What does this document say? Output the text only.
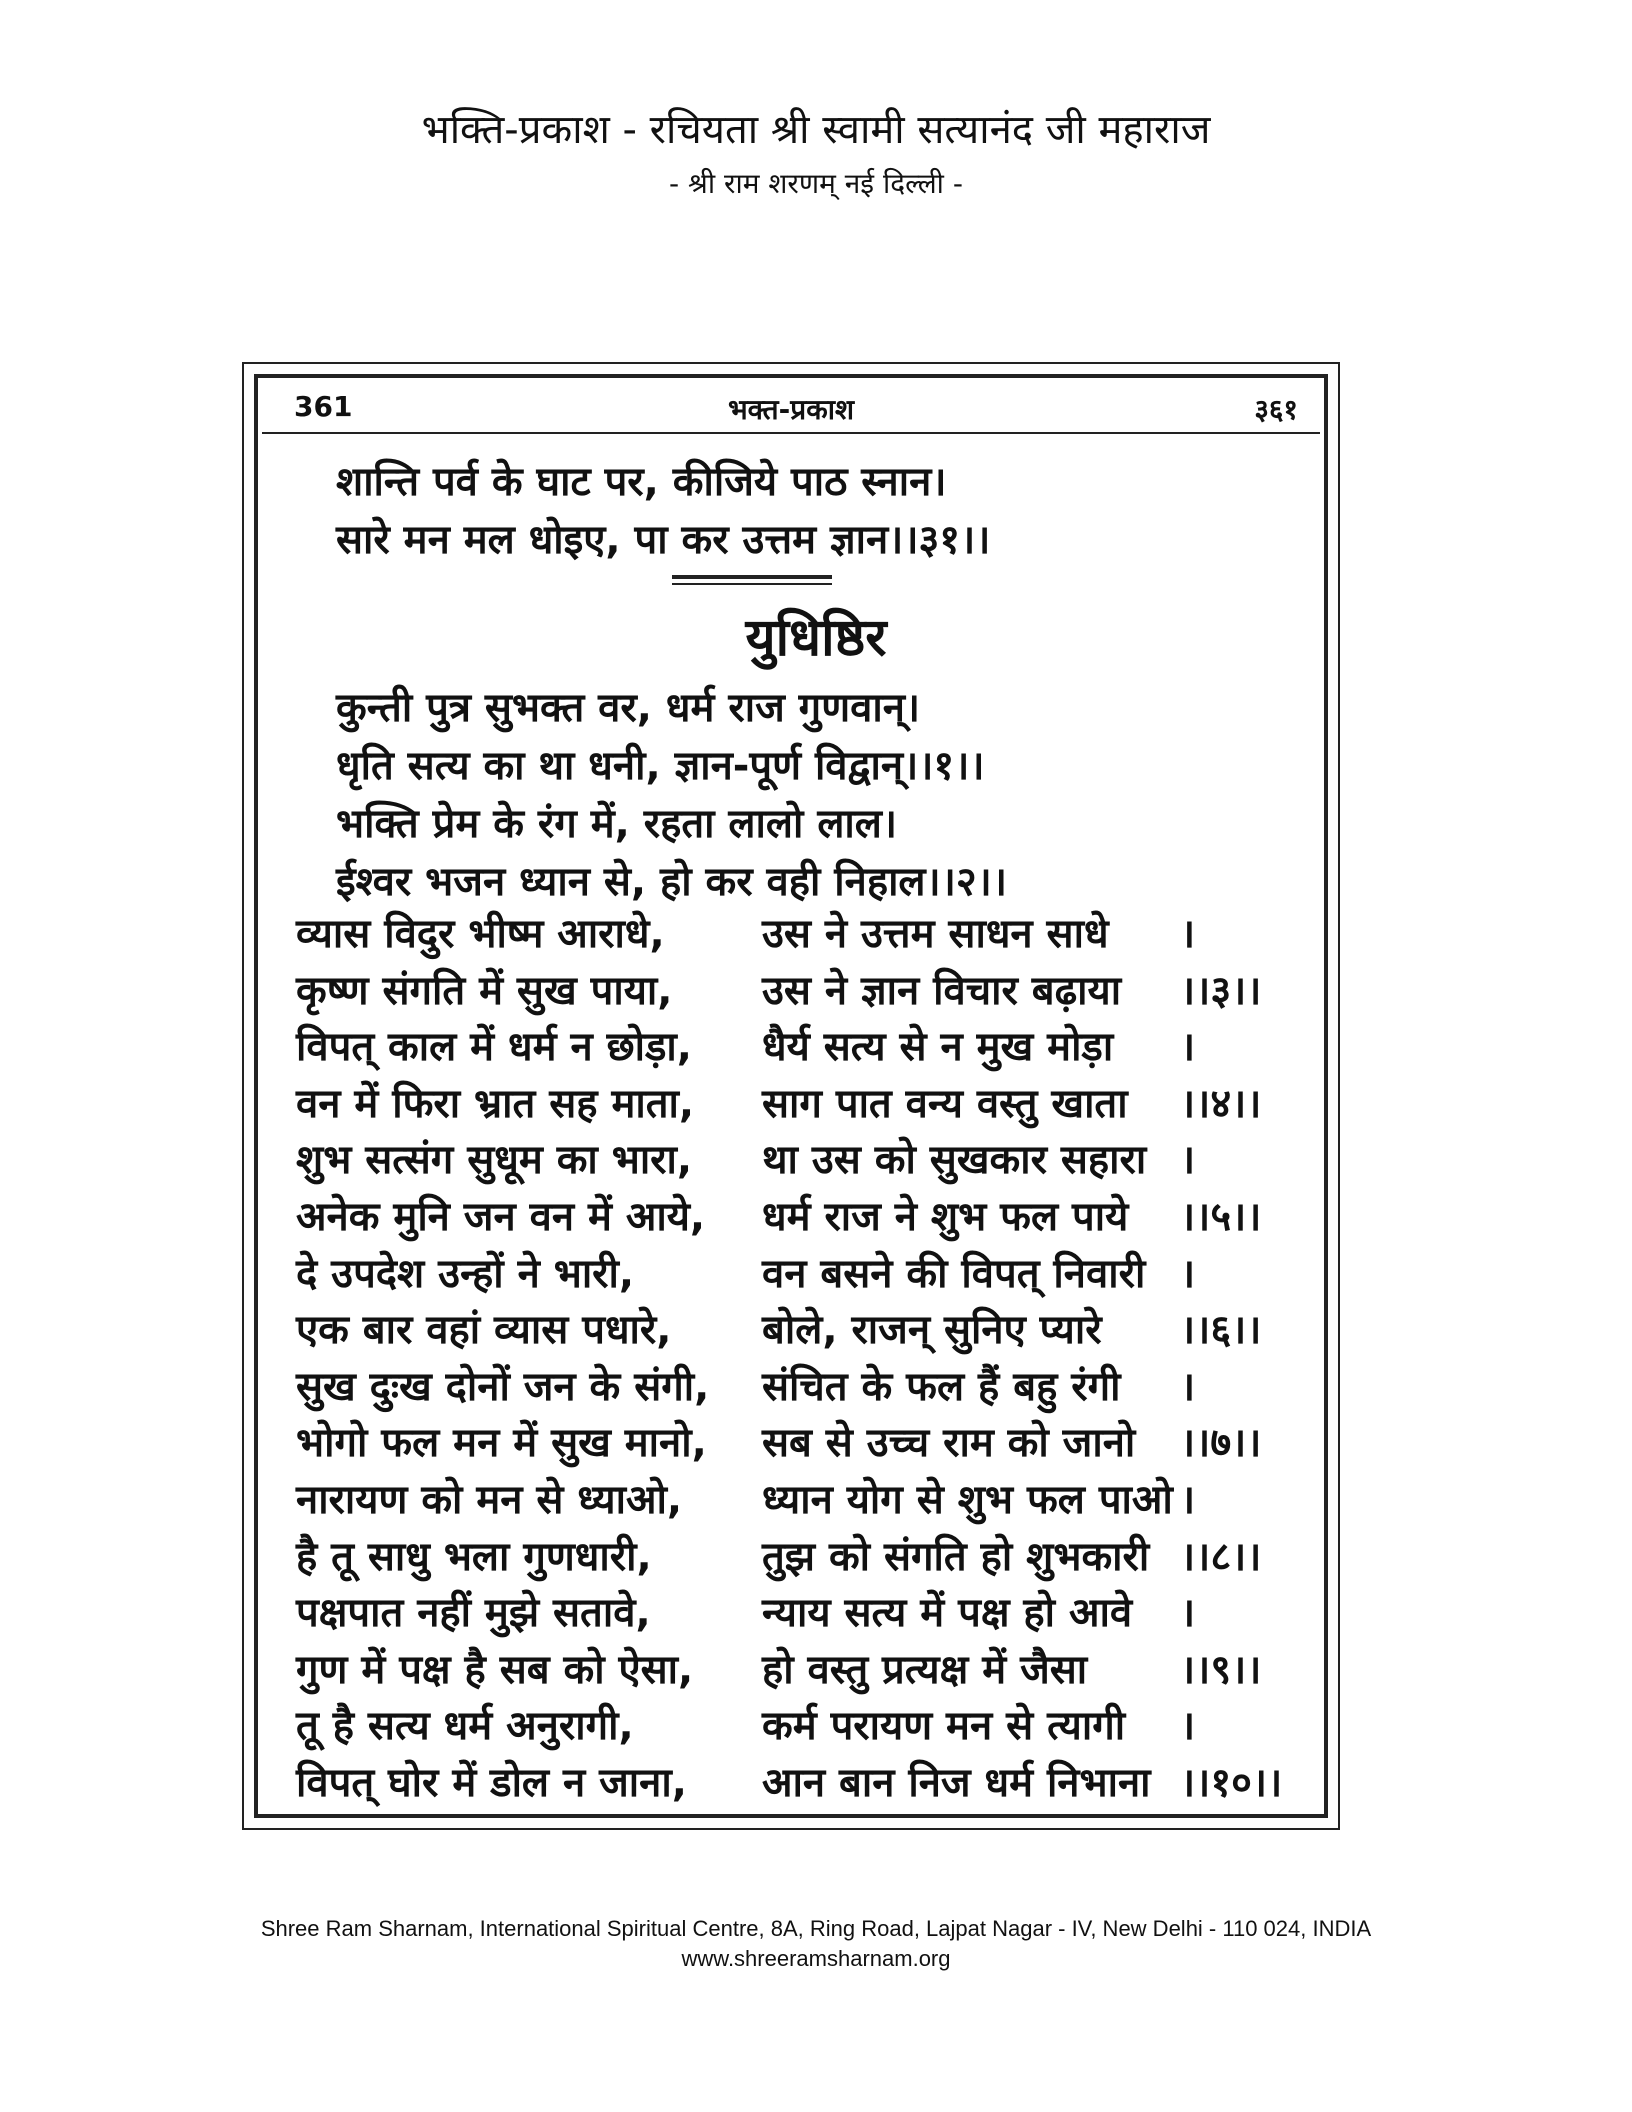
भक्ति-प्रकाश - रचियता श्री स्वामी सत्यानंद जी महाराज
- श्री राम शरणम् नई दिल्ली -
भक्त-प्रकाश
361	३६१
शान्ति पर्व के घाट पर, कीजिये पाठ स्नान।
सारे मन मल धोइए, पा कर उत्तम ज्ञान।।३१।।
युधिष्ठिर
कुन्ती पुत्र सुभक्त वर, धर्म राज गुणवान्।
धृति सत्य का था धनी, ज्ञान-पूर्ण विद्वान्।।१।।
भक्ति प्रेम के रंग में, रहता लालो लाल।
ईश्वर भजन ध्यान से, हो कर वही निहाल।।२।।
व्यास विदुर भीष्म आराधे,	उस ने उत्तम साधन साधे	।
कृष्ण संगति में सुख पाया,	उस ने ज्ञान विचार बढ़ाया	।।३।।
विपत् काल में धर्म न छोड़ा,	धैर्य सत्य से न मुख मोड़ा	।
वन में फिरा भ्रात सह माता,	साग पात वन्य वस्तु खाता	।।४।।
शुभ सत्संग सुधूम का भारा,	था उस को सुखकार सहारा ।
अनेक मुनि जन वन में आये,	धर्म राज ने शुभ फल पाये	।।५।।
दे उपदेश उन्हों ने भारी,	वन बसने की विपत् निवारी ।
एक बार वहां व्यास पधारे,	बोले, राजन् सुनिए प्यारे	।।६।।
सुख दुःख दोनों जन के संगी,	संचित के फल हैं बहु रंगी	।
भोगो फल मन में सुख मानो,	सब से उच्च राम को जानो	।।७।।
नारायण को मन से ध्याओ,	ध्यान योग से शुभ फल पाओ ।
है तू साधु भला गुणधारी,	तुझ को संगति हो शुभकारी ।।८।।
पक्षपात नहीं मुझे सतावे,	न्याय सत्य में पक्ष हो आवे	।
गुण में पक्ष है सब को ऐसा,	हो वस्तु प्रत्यक्ष में जैसा	।।९।।
तू है सत्य धर्म अनुरागी,	कर्म परायण मन से त्यागी	।
विपत् घोर में डोल न जाना,	आन बान निज धर्म निभाना ।।१०।।
Shree Ram Sharnam, International Spiritual Centre, 8A, Ring Road, Lajpat Nagar - IV, New Delhi - 110 024, INDIA
www.shreeramsharnam.org
